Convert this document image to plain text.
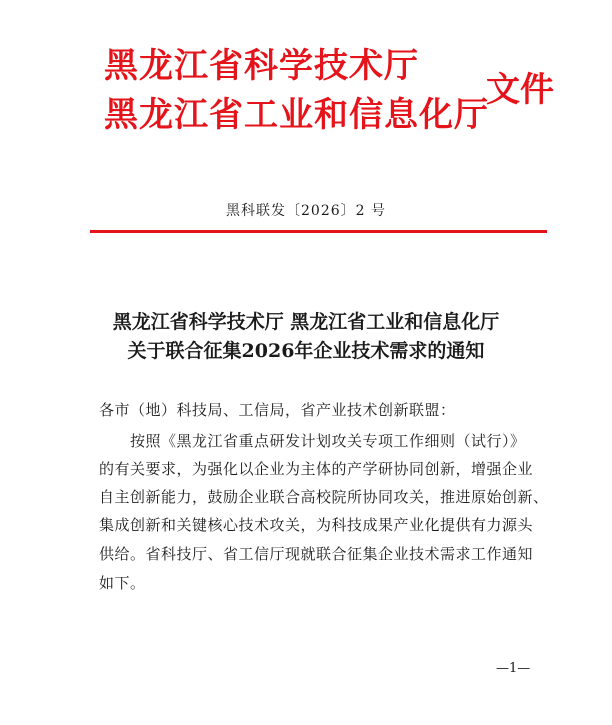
黑龙江省科学技术厅
黑龙江省工业和信息化厅
文件
黑科联发〔2026〕2 号
黑龙江省科学技术厅 黑龙江省工业和信息化厅
关于联合征集2026年企业技术需求的通知
各市（地）科技局、工信局，省产业技术创新联盟：
按照《黑龙江省重点研发计划攻关专项工作细则（试行）》
的有关要求，为强化以企业为主体的产学研协同创新，增强企业
自主创新能力，鼓励企业联合高校院所协同攻关，推进原始创新、
集成创新和关键核心技术攻关，为科技成果产业化提供有力源头
供给。省科技厅、省工信厅现就联合征集企业技术需求工作通知
如下。
—1—
